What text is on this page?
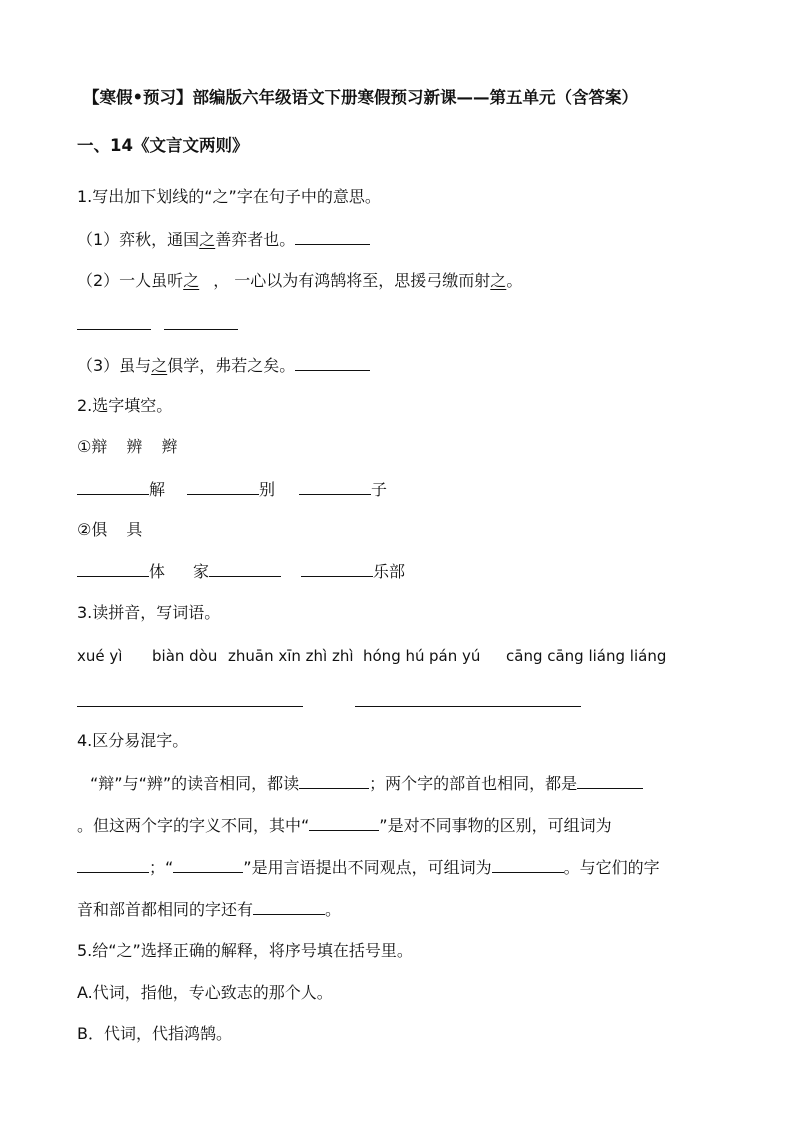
【寒假•预习】部编版六年级语文下册寒假预习新课——第五单元（含答案）
一、14《文言文两则》
1.写出加下划线的“之”字在句子中的意思。
（1）弈秋，通国之善弈者也。
（2）一人虽听之 ， 一心以为有鸿鹄将至，思援弓缴而射之。
（3）虽与之俱学，弗若之矣。
2.选字填空。
①辩 辨 辫
解	别	子
②俱 具
体 家	乐部
3.读拼音，写词语。
xué yì biàn dòu zhuān xīn zhì zhì hóng hú pán yú cāng cāng liáng liáng
4.区分易混字。
“辩”与“辨”的读音相同，都读	；两个字的部首也相同，都是
。但这两个字的字义不同，其中“	”是对不同事物的区别，可组词为
；“	”是用言语提出不同观点，可组词为	。与它们的字
音和部首都相同的字还有	。
5.给“之”选择正确的解释，将序号填在括号里。
A.代词，指他，专心致志的那个人。
B．代词，代指鸿鹄。
